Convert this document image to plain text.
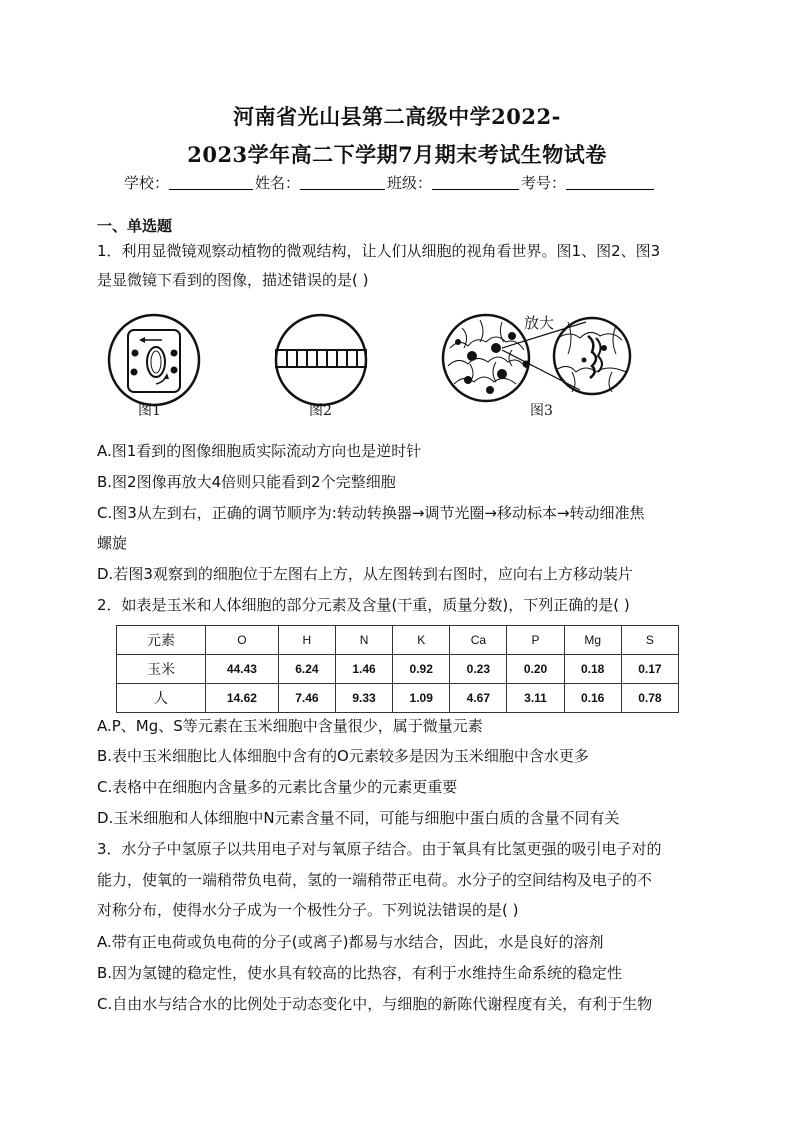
河南省光山县第二高级中学2022-
2023学年高二下学期7月期末考试生物试卷
学校：	姓名：	班级：	考号：
一、单选题
1．利用显微镜观察动植物的微观结构，让人们从细胞的视角看世界。图1、图2、图3
是显微镜下看到的图像，描述错误的是( )
图1	图2
放大
图3
A.图1看到的图像细胞质实际流动方向也是逆时针
B.图2图像再放大4倍则只能看到2个完整细胞
C.图3从左到右，正确的调节顺序为:转动转换器→调节光圈→移动标本→转动细准焦
螺旋
D.若图3观察到的细胞位于左图右上方，从左图转到右图时，应向右上方移动装片
2．如表是玉米和人体细胞的部分元素及含量(干重，质量分数)，下列正确的是( )
元素	O	H	N	K	Ca	P	Mg	S
玉米	44.43	6.24	1.46	0.92	0.23	0.20	0.18	0.17
人	14.62	7.46	9.33	1.09	4.67	3.11	0.16	0.78
A.P、Mg、S等元素在玉米细胞中含量很少，属于微量元素
B.表中玉米细胞比人体细胞中含有的O元素较多是因为玉米细胞中含水更多
C.表格中在细胞内含量多的元素比含量少的元素更重要
D.玉米细胞和人体细胞中N元素含量不同，可能与细胞中蛋白质的含量不同有关
3．水分子中氢原子以共用电子对与氧原子结合。由于氧具有比氢更强的吸引电子对的
能力，使氧的一端稍带负电荷，氢的一端稍带正电荷。水分子的空间结构及电子的不
对称分布，使得水分子成为一个极性分子。下列说法错误的是( )
A.带有正电荷或负电荷的分子(或离子)都易与水结合，因此，水是良好的溶剂
B.因为氢键的稳定性，使水具有较高的比热容，有利于水维持生命系统的稳定性
C.自由水与结合水的比例处于动态变化中，与细胞的新陈代谢程度有关，有利于生物
